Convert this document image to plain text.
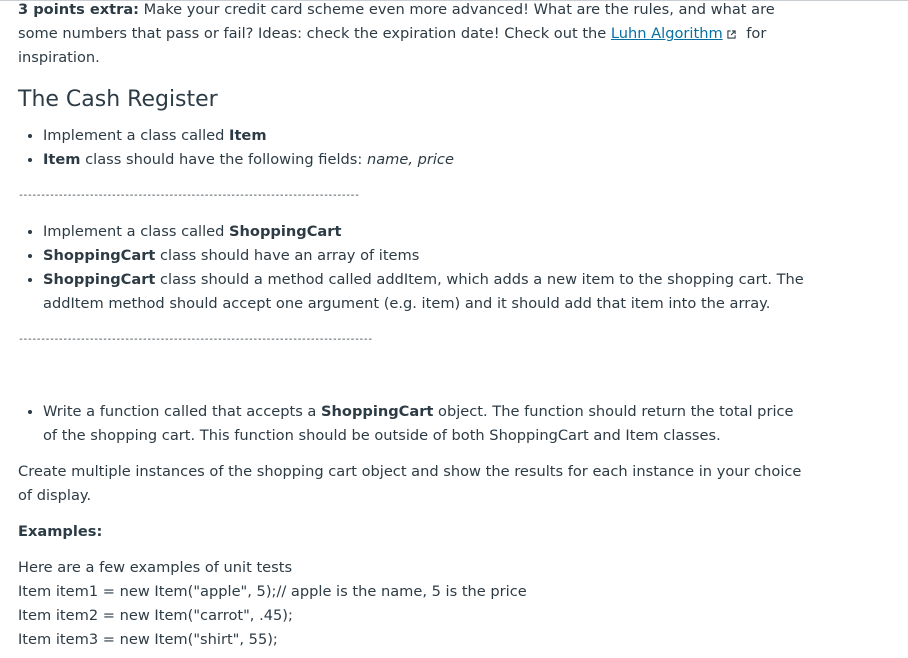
3 points extra: Make your credit card scheme even more advanced! What are the rules, and what are some numbers that pass or fail? Ideas: check the expiration date! Check out the Luhn Algorithm for inspiration.

The Cash Register
• Implement a class called Item
• Item class should have the following fields: name, price
-----------------------------------------------------------------------------
• Implement a class called ShoppingCart
• ShoppingCart class should have an array of items
• ShoppingCart class should a method called addItem, which adds a new item to the shopping cart. The addItem method should accept one argument (e.g. item) and it should add that item into the array.
--------------------------------------------------------------------------------
• Write a function called that accepts a ShoppingCart object. The function should return the total price of the shopping cart. This function should be outside of both ShoppingCart and Item classes.

Create multiple instances of the shopping cart object and show the results for each instance in your choice of display.

Examples:

Here are a few examples of unit tests

Item item1 = new Item("apple", 5);// apple is the name, 5 is the price

Item item2 = new Item("carrot", .45);

Item item3 = new Item("shirt", 55);
